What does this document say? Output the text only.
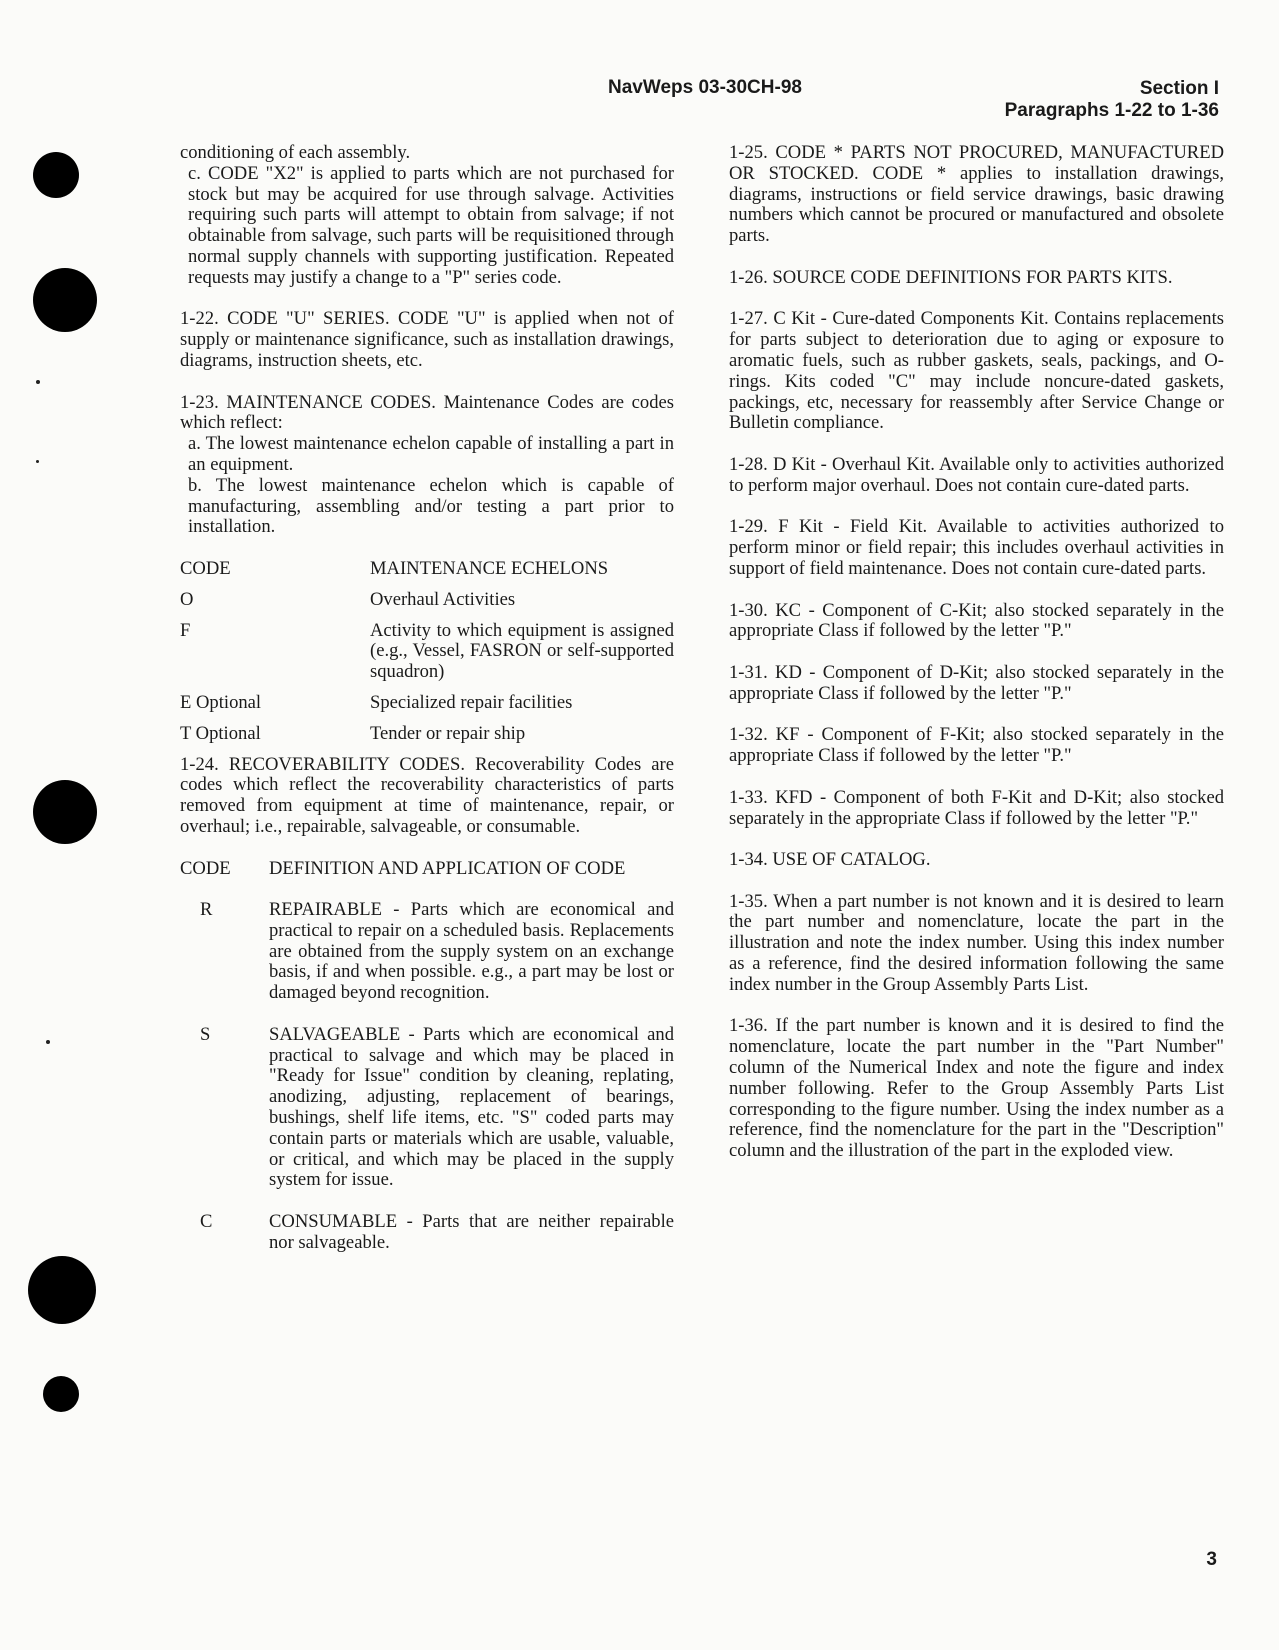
NavWeps 03-30CH-98	Section I
Paragraphs 1-22 to 1-36

conditioning of each assembly.

c. CODE "X2" is applied to parts which are not purchased for stock but may be acquired for use through salvage. Activities requiring such parts will attempt to obtain from salvage; if not obtainable from salvage, such parts will be requisitioned through normal supply channels with supporting justification. Repeated requests may justify a change to a "P" series code.

1-22. CODE "U" SERIES. CODE "U" is applied when not of supply or maintenance significance, such as installation drawings, diagrams, instruction sheets, etc.

1-23. MAINTENANCE CODES. Maintenance Codes are codes which reflect:

a. The lowest maintenance echelon capable of installing a part in an equipment.

b. The lowest maintenance echelon which is capable of manufacturing, assembling and/or testing a part prior to installation.

CODE	MAINTENANCE ECHELONS
O	Overhaul Activities
F	Activity to which equipment is assigned (e.g., Vessel, FASRON or self-supported squadron)
E Optional	Specialized repair facilities
T Optional	Tender or repair ship

1-24. RECOVERABILITY CODES. Recoverability Codes are codes which reflect the recoverability characteristics of parts removed from equipment at time of maintenance, repair, or overhaul; i.e., repairable, salvageable, or consumable.

CODE	DEFINITION AND APPLICATION OF CODE
R	REPAIRABLE - Parts which are economical and practical to repair on a scheduled basis. Replacements are obtained from the supply system on an exchange basis, if and when possible. e.g., a part may be lost or damaged beyond recognition.

S	SALVAGEABLE - Parts which are economical and practical to salvage and which may be placed in "Ready for Issue" condition by cleaning, replating, anodizing, adjusting, replacement of bearings, bushings, shelf life items, etc. "S" coded parts may contain parts or materials which are usable, valuable, or critical, and which may be placed in the supply system for issue.

C	CONSUMABLE - Parts that are neither repairable nor salvageable.

1-25. CODE * PARTS NOT PROCURED, MANUFACTURED OR STOCKED. CODE * applies to installation drawings, diagrams, instructions or field service drawings, basic drawing numbers which cannot be procured or manufactured and obsolete parts.

1-26. SOURCE CODE DEFINITIONS FOR PARTS KITS.

1-27. C Kit - Cure-dated Components Kit. Contains replacements for parts subject to deterioration due to aging or exposure to aromatic fuels, such as rubber gaskets, seals, packings, and O-rings. Kits coded "C" may include noncure-dated gaskets, packings, etc, necessary for reassembly after Service Change or Bulletin compliance.

1-28. D Kit - Overhaul Kit. Available only to activities authorized to perform major overhaul. Does not contain cure-dated parts.

1-29. F Kit - Field Kit. Available to activities authorized to perform minor or field repair; this includes overhaul activities in support of field maintenance. Does not contain cure-dated parts.

1-30. KC - Component of C-Kit; also stocked separately in the appropriate Class if followed by the letter "P."

1-31. KD - Component of D-Kit; also stocked separately in the appropriate Class if followed by the letter "P."

1-32. KF - Component of F-Kit; also stocked separately in the appropriate Class if followed by the letter "P."

1-33. KFD - Component of both F-Kit and D-Kit; also stocked separately in the appropriate Class if followed by the letter "P."

1-34. USE OF CATALOG.

1-35. When a part number is not known and it is desired to learn the part number and nomenclature, locate the part in the illustration and note the index number. Using this index number as a reference, find the desired information following the same index number in the Group Assembly Parts List.

1-36. If the part number is known and it is desired to find the nomenclature, locate the part number in the "Part Number" column of the Numerical Index and note the figure and index number following. Refer to the Group Assembly Parts List corresponding to the figure number. Using the index number as a reference, find the nomenclature for the part in the "Description" column and the illustration of the part in the exploded view.

3
